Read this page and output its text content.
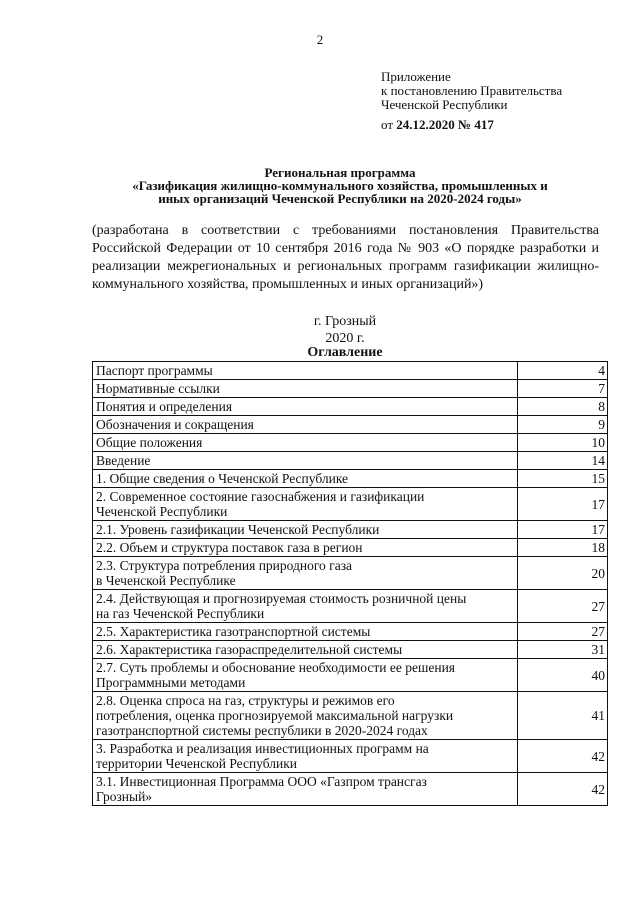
2
Приложение
к постановлению Правительства
Чеченской Республики
от 24.12.2020 № 417
Региональная программа
«Газификация жилищно-коммунального хозяйства, промышленных и
иных организаций Чеченской Республики на 2020-2024 годы»

(разработана в соответствии с требованиями постановления Правительства Российской Федерации от 10 сентября 2016 года № 903 «О порядке разработки и реализации межрегиональных и региональных программ газификации жилищно-коммунального хозяйства, промышленных и иных организаций»)

г. Грозный
2020 г.
Оглавление
Паспорт программы	4

Нормативные ссылки	7

Понятия и определения	8

Обозначения и сокращения	9

Общие положения	10

Введение	14

1. Общие сведения о Чеченской Республике	15

2. Современное состояние газоснабжения и газификации
Чеченской Республики	17

2.1. Уровень газификации Чеченской Республики	17

2.2. Объем и структура поставок газа в регион	18

2.3. Структура потребления природного газа
в Чеченской Республике	20

2.4. Действующая и прогнозируемая стоимость розничной цены
на газ Чеченской Республики	27

2.5. Характеристика газотранспортной системы	27

2.6. Характеристика газораспределительной системы	31

2.7. Суть проблемы и обоснование необходимости ее решения
Программными методами	40

2.8. Оценка спроса на газ, структуры и режимов его
потребления, оценка прогнозируемой максимальной нагрузки
газотранспортной системы республики в 2020-2024 годах	41

3. Разработка и реализация инвестиционных программ на
территории Чеченской Республики	42

3.1. Инвестиционная Программа ООО «Газпром трансгаз
Грозный»	42
